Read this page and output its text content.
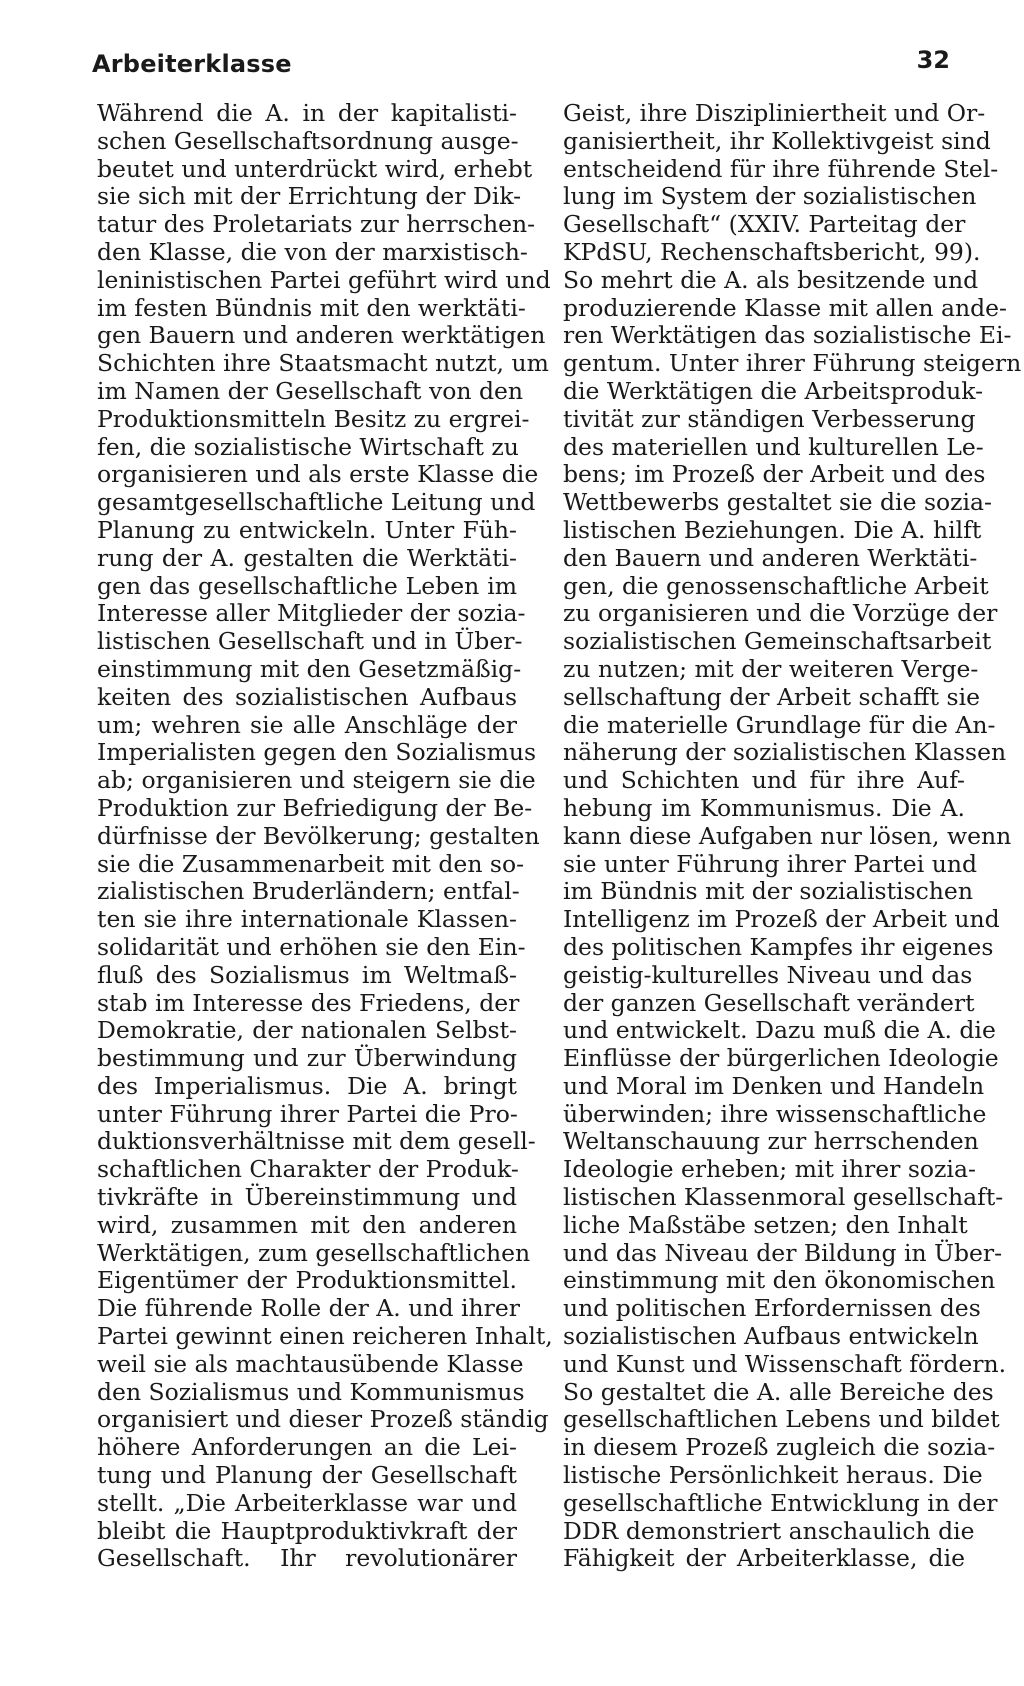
Arbeiterklasse	32
Während die A. in der kapitalisti-
schen Gesellschaftsordnung ausge-
beutet und unterdrückt wird, erhebt
sie sich mit der Errichtung der Dik-
tatur des Proletariats zur herrschen-
den Klasse, die von der marxistisch-
leninistischen Partei geführt wird und
im festen Bündnis mit den werktäti-
gen Bauern und anderen werktätigen
Schichten ihre Staatsmacht nutzt, um
im Namen der Gesellschaft von den
Produktionsmitteln Besitz zu ergrei-
fen, die sozialistische Wirtschaft zu
organisieren und als erste Klasse die
gesamtgesellschaftliche Leitung und
Planung zu entwickeln. Unter Füh-
rung der A. gestalten die Werktäti-
gen das gesellschaftliche Leben im
Interesse aller Mitglieder der sozia-
listischen Gesellschaft und in Über-
einstimmung mit den Gesetzmäßig-
keiten des sozialistischen Aufbaus
um; wehren sie alle Anschläge der
Imperialisten gegen den Sozialismus
ab; organisieren und steigern sie die
Produktion zur Befriedigung der Be-
dürfnisse der Bevölkerung; gestalten
sie die Zusammenarbeit mit den so-
zialistischen Bruderländern; entfal-
ten sie ihre internationale Klassen-
solidarität und erhöhen sie den Ein-
fluß des Sozialismus im Weltmaß-
stab im Interesse des Friedens, der
Demokratie, der nationalen Selbst-
bestimmung und zur Überwindung
des Imperialismus. Die A. bringt
unter Führung ihrer Partei die Pro-
duktionsverhältnisse mit dem gesell-
schaftlichen Charakter der Produk-
tivkräfte in Übereinstimmung und
wird, zusammen mit den anderen
Werktätigen, zum gesellschaftlichen
Eigentümer der Produktionsmittel.
Die führende Rolle der A. und ihrer
Partei gewinnt einen reicheren Inhalt,
weil sie als machtausübende Klasse
den Sozialismus und Kommunismus
organisiert und dieser Prozeß ständig
höhere Anforderungen an die Lei-
tung und Planung der Gesellschaft
stellt. „Die Arbeiterklasse war und
bleibt die Hauptproduktivkraft der
Gesellschaft. Ihr revolutionärer
Geist, ihre Diszipliniertheit und Or-
ganisiertheit, ihr Kollektivgeist sind
entscheidend für ihre führende Stel-
lung im System der sozialistischen
Gesellschaft“ (XXIV. Parteitag der
KPdSU, Rechenschaftsbericht, 99).
So mehrt die A. als besitzende und
produzierende Klasse mit allen ande-
ren Werktätigen das sozialistische Ei-
gentum. Unter ihrer Führung steigern
die Werktätigen die Arbeitsproduk-
tivität zur ständigen Verbesserung
des materiellen und kulturellen Le-
bens; im Prozeß der Arbeit und des
Wettbewerbs gestaltet sie die sozia-
listischen Beziehungen. Die A. hilft
den Bauern und anderen Werktäti-
gen, die genossenschaftliche Arbeit
zu organisieren und die Vorzüge der
sozialistischen Gemeinschaftsarbeit
zu nutzen; mit der weiteren Verge-
sellschaftung der Arbeit schafft sie
die materielle Grundlage für die An-
näherung der sozialistischen Klassen
und Schichten und für ihre Auf-
hebung im Kommunismus. Die A.
kann diese Aufgaben nur lösen, wenn
sie unter Führung ihrer Partei und
im Bündnis mit der sozialistischen
Intelligenz im Prozeß der Arbeit und
des politischen Kampfes ihr eigenes
geistig-kulturelles Niveau und das
der ganzen Gesellschaft verändert
und entwickelt. Dazu muß die A. die
Einflüsse der bürgerlichen Ideologie
und Moral im Denken und Handeln
überwinden; ihre wissenschaftliche
Weltanschauung zur herrschenden
Ideologie erheben; mit ihrer sozia-
listischen Klassenmoral gesellschaft-
liche Maßstäbe setzen; den Inhalt
und das Niveau der Bildung in Über-
einstimmung mit den ökonomischen
und politischen Erfordernissen des
sozialistischen Aufbaus entwickeln
und Kunst und Wissenschaft fördern.
So gestaltet die A. alle Bereiche des
gesellschaftlichen Lebens und bildet
in diesem Prozeß zugleich die sozia-
listische Persönlichkeit heraus. Die
gesellschaftliche Entwicklung in der
DDR demonstriert anschaulich die
Fähigkeit der Arbeiterklasse, die
